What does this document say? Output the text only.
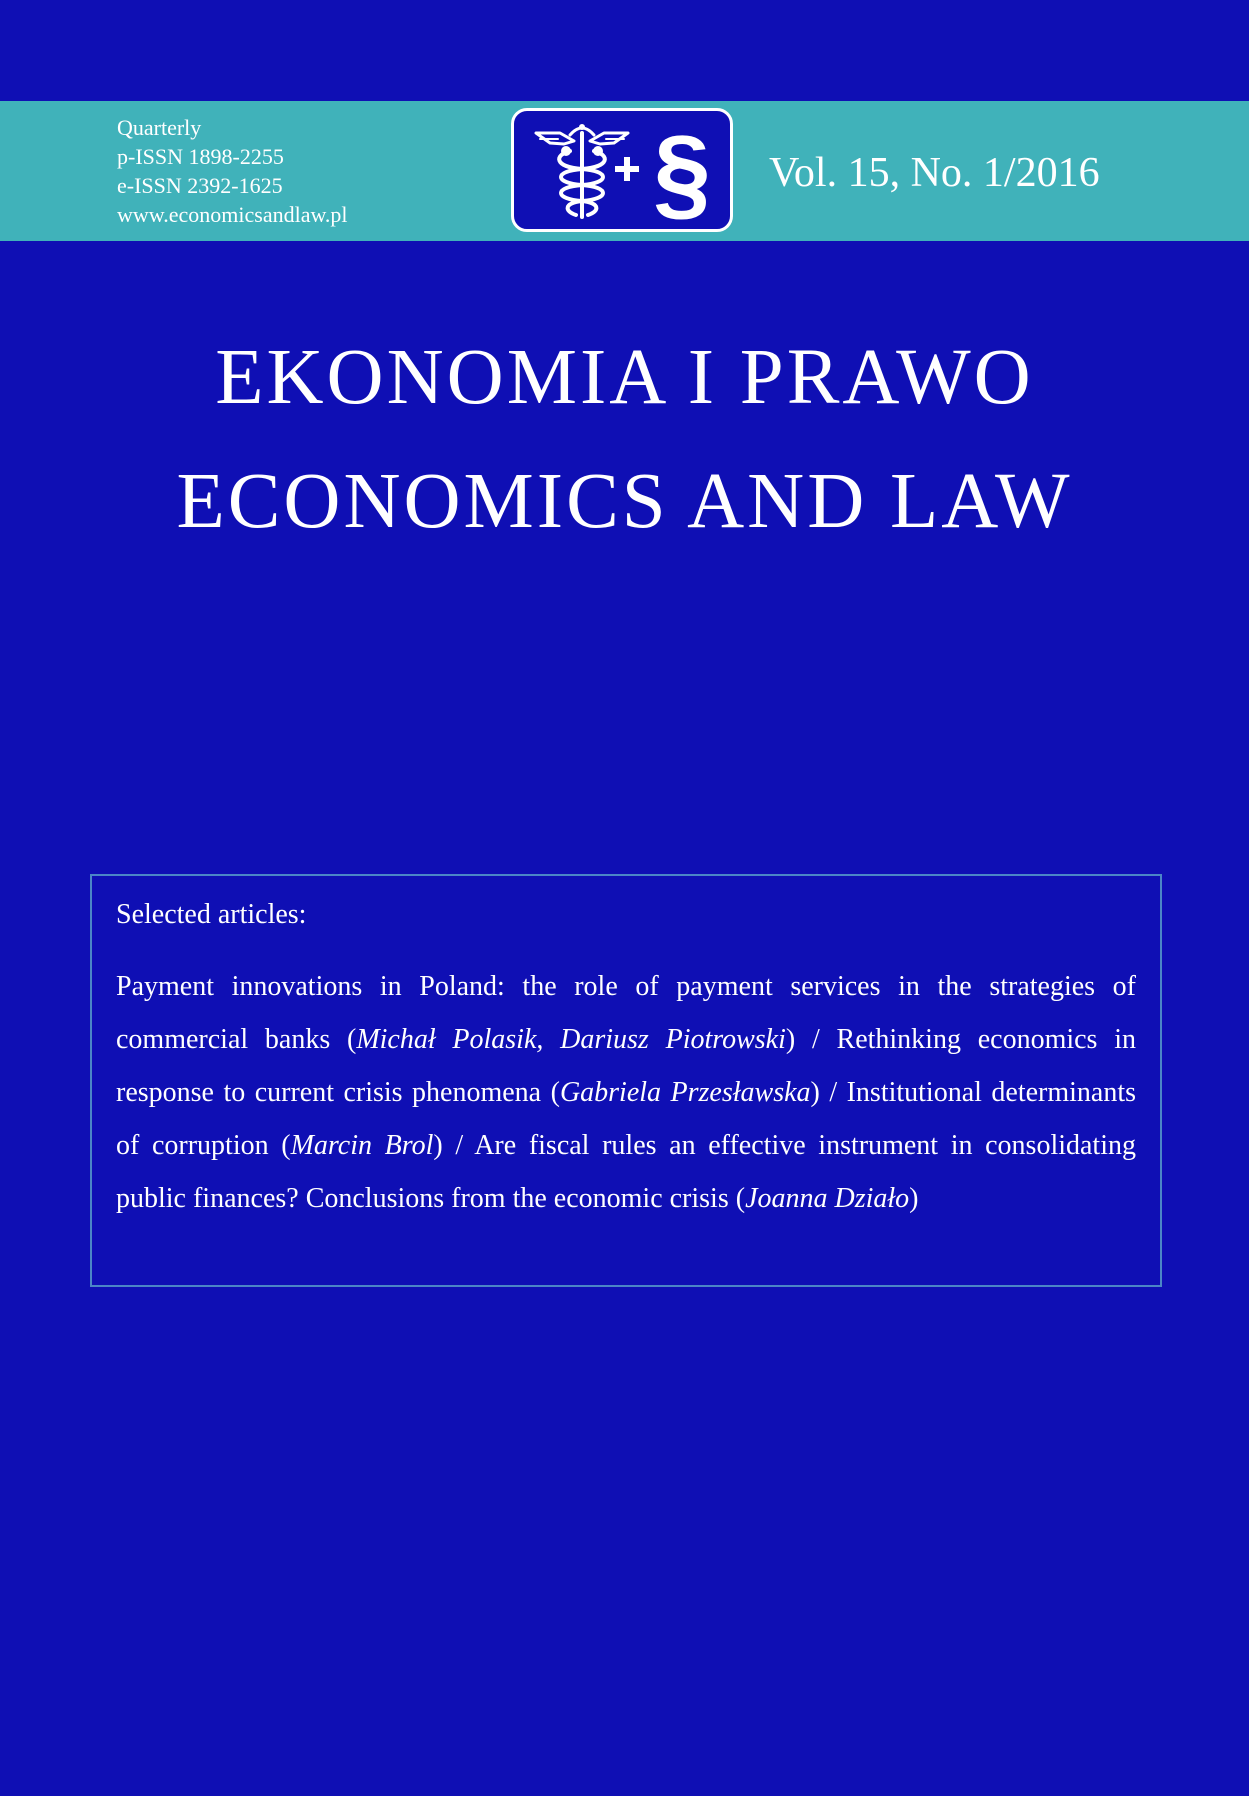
Quarterly
p-ISSN 1898-2255
e-ISSN 2392-1625
www.economicsandlaw.pl	§ Vol. 15, No. 1/2016
EKONOMIA I PRAWO
ECONOMICS AND LAW
Selected articles:
Payment innovations in Poland: the role of payment services in the strategies of commercial banks (Michał Polasik, Dariusz Piotrowski) / Rethinking economics in response to current crisis phenomena (Gabriela Przesławska) / Institutional determinants of corruption (Marcin Brol) / Are fiscal rules an effective instrument in consolidating public finances? Conclusions from the economic crisis (Joanna Działo)
